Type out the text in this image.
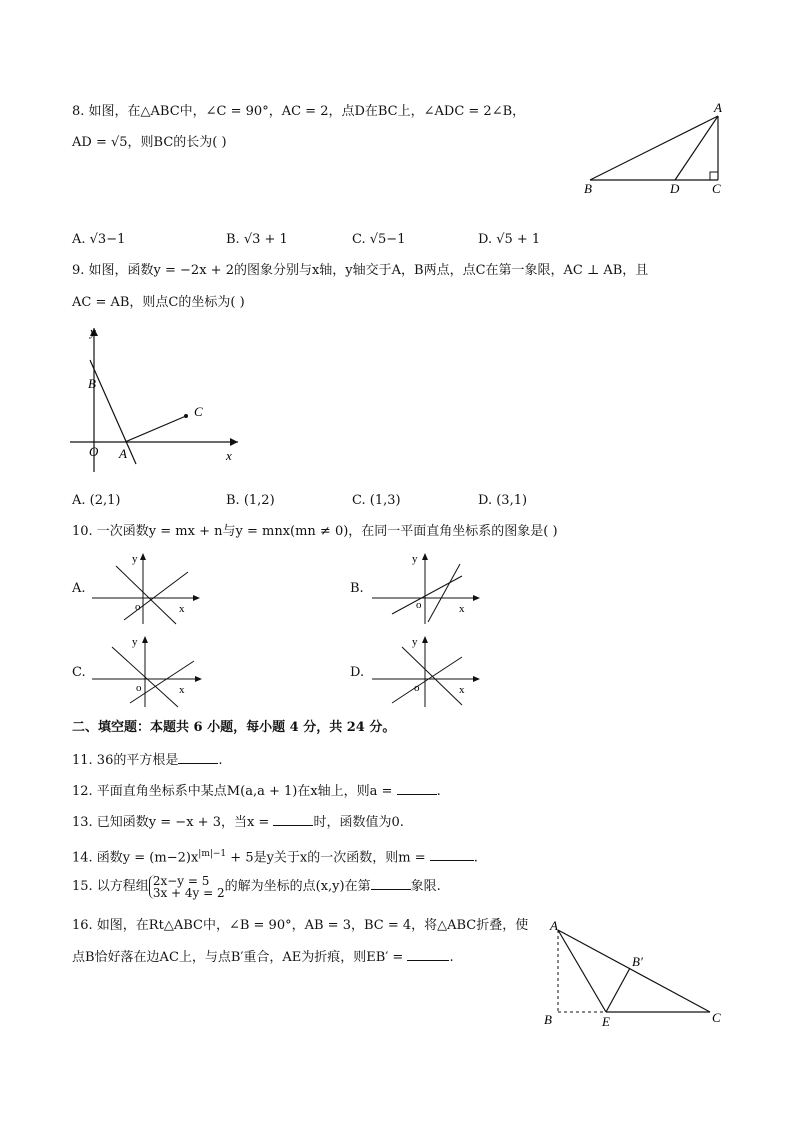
8. 如图，在△ABC中，∠C = 90°，AC = 2，点D在BC上，∠ADC = 2∠B，
AD = √5，则BC的长为( )
A
B	D	C
A. √3−1	B. √3 + 1	C. √5−1	D. √5 + 1
9. 如图，函数y = −2x + 2的图象分别与x轴，y轴交于A，B两点，点C在第一象限，AC ⊥ AB，且
AC = AB，则点C的坐标为( )
y
B
C
O A	x
A. (2,1)	B. (1,2)	C. (1,3)	D. (3,1)
10. 一次函数y = mx + n与y = mnx(mn ≠ 0)，在同一平面直角坐标系的图象是( )
A.
y
o	x
B.
y
o	x
C.
y
o	x
D.
y
o	x
二、填空题：本题共 6 小题，每小题 4 分，共 24 分。
11. 36的平方根是	.
12. 平面直角坐标系中某点M(a,a + 1)在x轴上，则a =	.
13. 已知函数y = −x + 3，当x =	时，函数值为0.
14. 函数$y = (m-2)x^{|m|-1} + 5$是y关于x的一次函数，则m =	.
15. 以方程组 2x−y = 5
3x + 4y = 2的解为坐标的点(x,y)在第	象限.
16. 如图，在Rt△ABC中，∠B = 90°，AB = 3，BC = 4，将△ABC折叠，使
点B恰好落在边AC上，与点B′重合，AE为折痕，则EB′ =	.
A
B′
B	E	C
